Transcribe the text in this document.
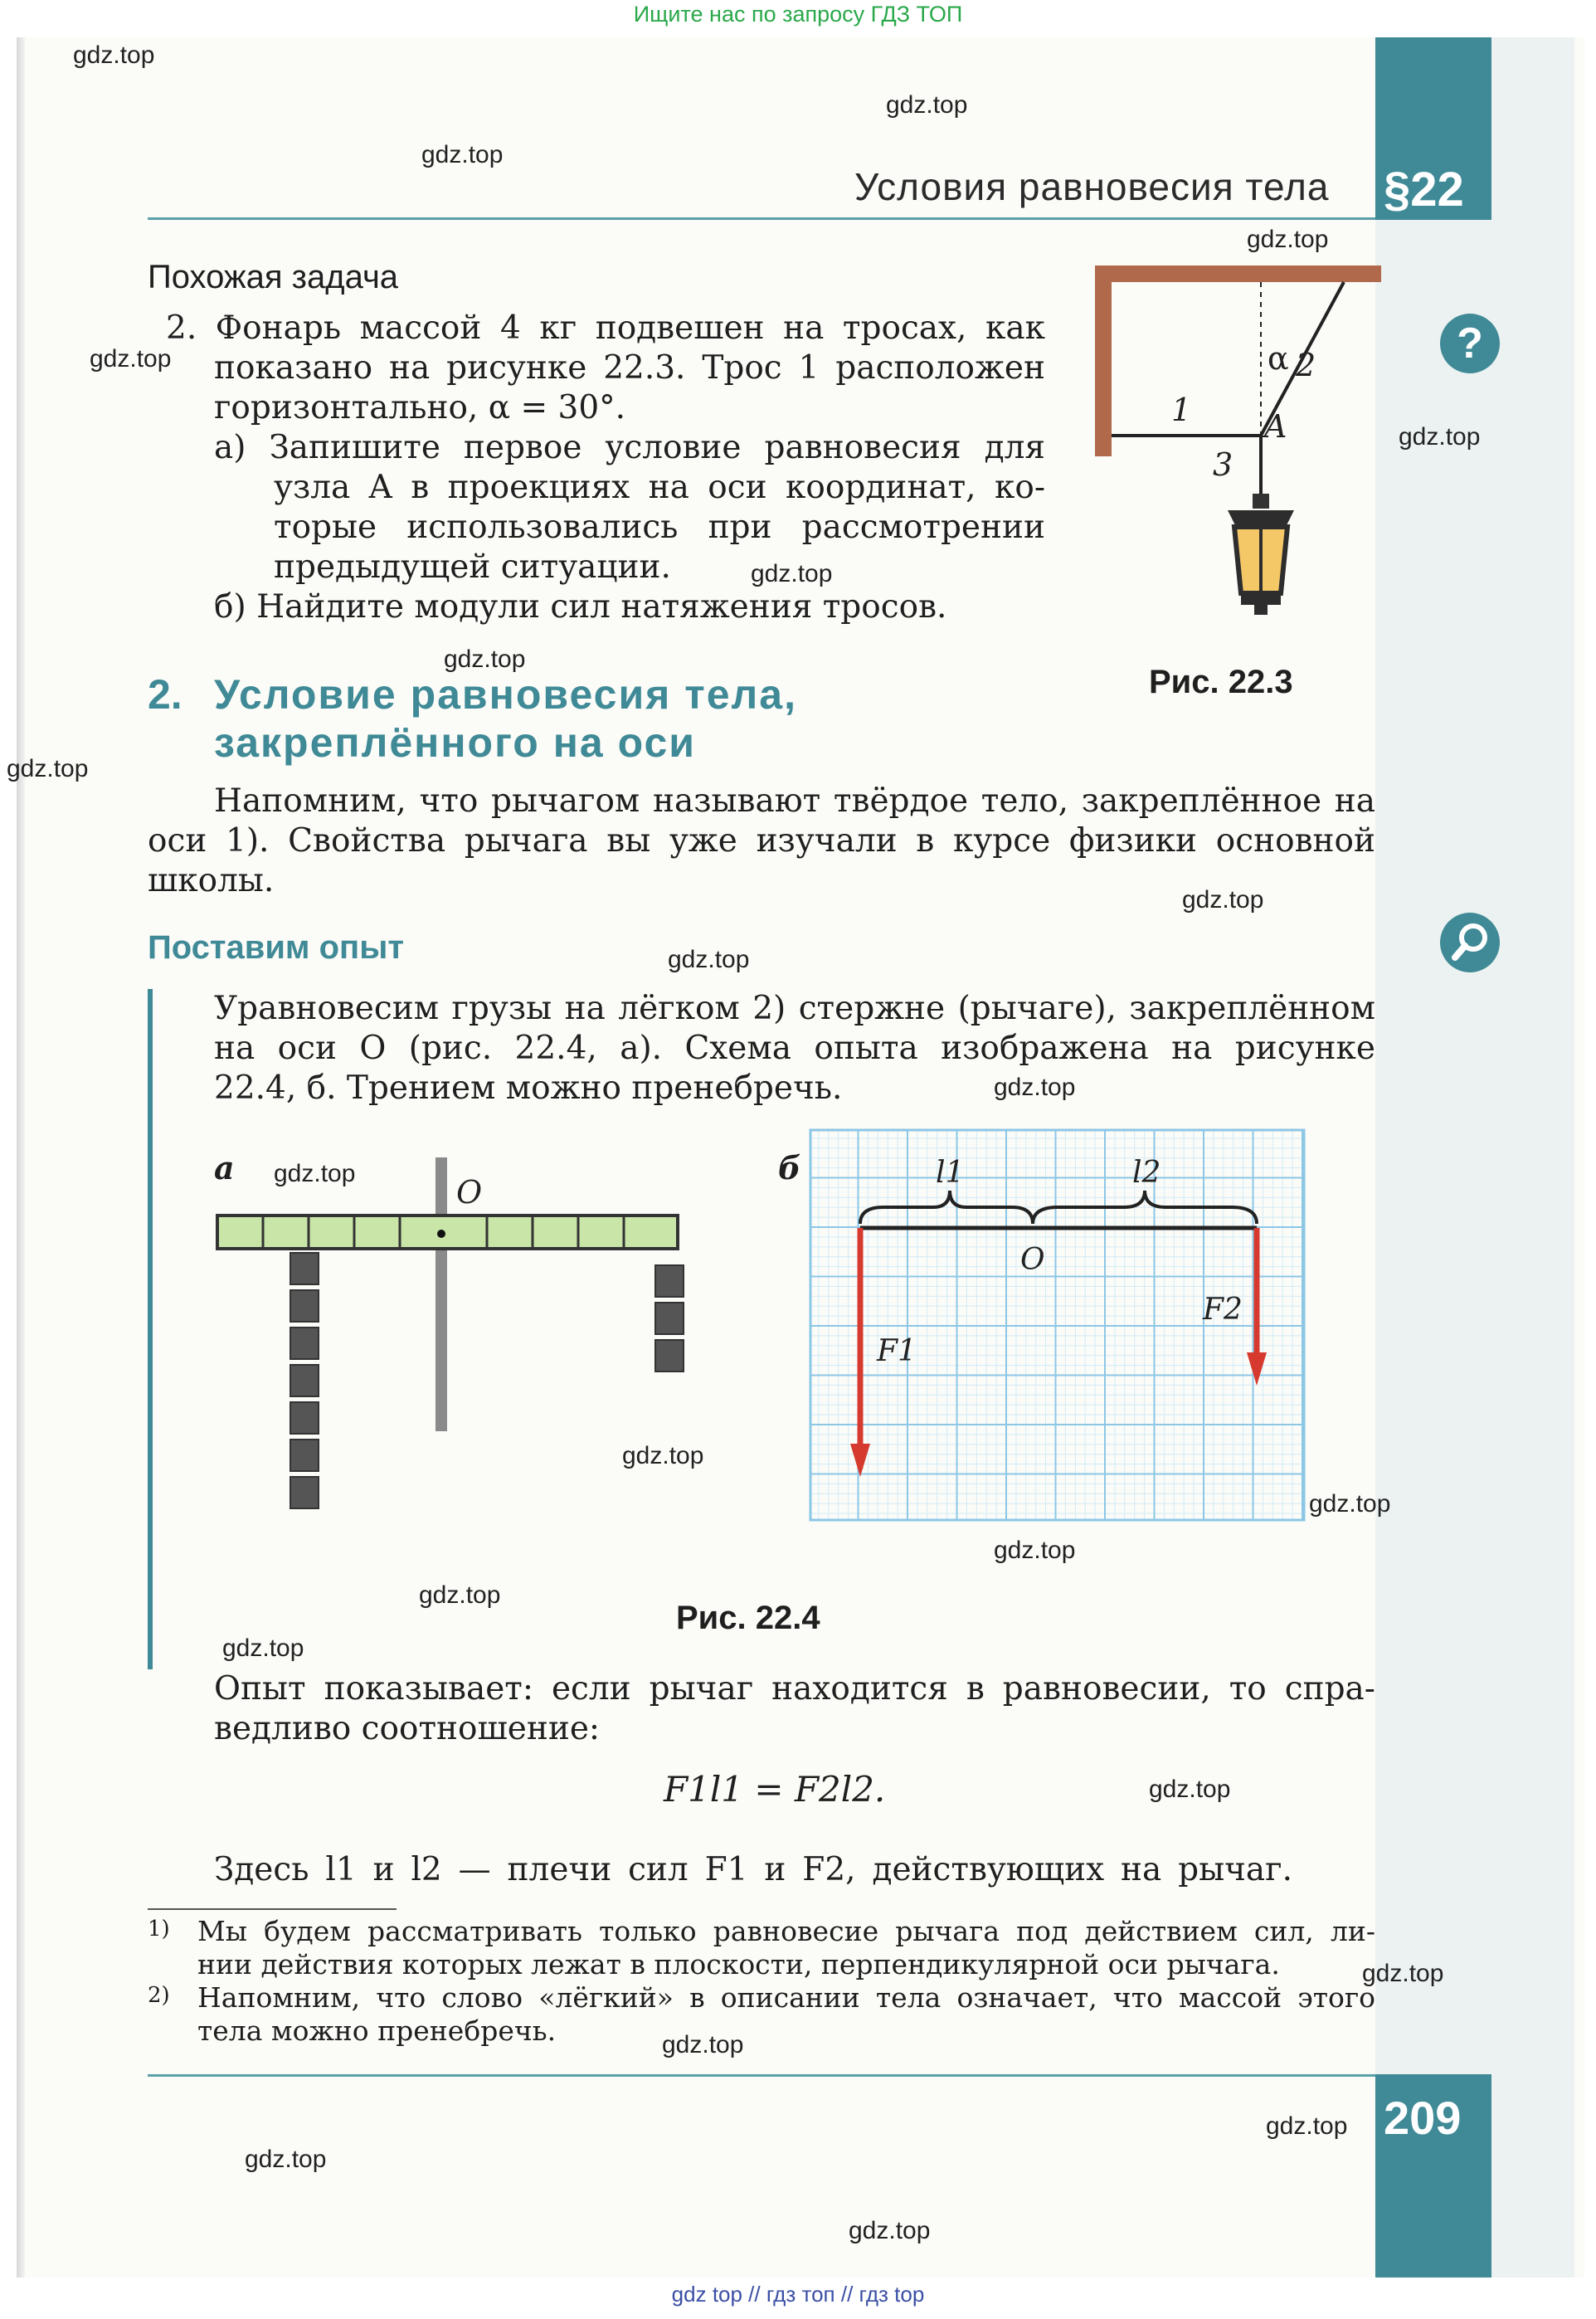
Ищите нас по запросу ГДЗ ТОП
§22
Условия равновесия тела
?
Похожая задача
2. Фонарь массой 4 кг подвешен на тросах, как
показано на рисунке 22.3. Трос 1 расположен
горизонтально, α = 30°.
а) Запишите первое условие равновесия для
узла A в проекциях на оси координат, ко-
торые использовались при рассмотрении
предыдущей ситуации.
б) Найдите модули сил натяжения тросов.
α 2
1 A
3
Рис. 22.3
2. Условие равновесия тела,
закреплённого на оси
Напомним, что рычагом называют твёрдое тело, закреплённое на
оси 1). Свойства рычага вы уже изучали в курсе физики основной
школы.
Поставим опыт
Уравновесим грузы на лёгком 2) стержне (рычаге), закреплённом
на оси O (рис. 22.4, а). Схема опыта изображена на рисунке
22.4, б. Трением можно пренебречь.
O
а	б	l1	l2
O
F1
F2
Рис. 22.4
Опыт показывает: если рычаг находится в равновесии, то спра-
ведливо соотношение:
F1l1 = F2l2.
Здесь l1 и l2 — плечи сил F1 и F2, действующих на рычаг.
1) Мы будем рассматривать только равновесие рычага под действием сил, ли-
нии действия которых лежат в плоскости, перпендикулярной оси рычага.
2) Напомним, что слово «лёгкий» в описании тела означает, что массой этого
тела можно пренебречь.
209
gdz.top
gdz.top
gdz.top
gdz.top
gdz.top
gdz.top
gdz.top
gdz.top
gdz.top
gdz.top
gdz.top
gdz.top
gdz.top
gdz.top
gdz.top
gdz.top
gdz.top
gdz.top
gdz.top
gdz.top
gdz.top
gdz.top
gdz.top
gdz.top
gdz top // гдз топ // гдз top
